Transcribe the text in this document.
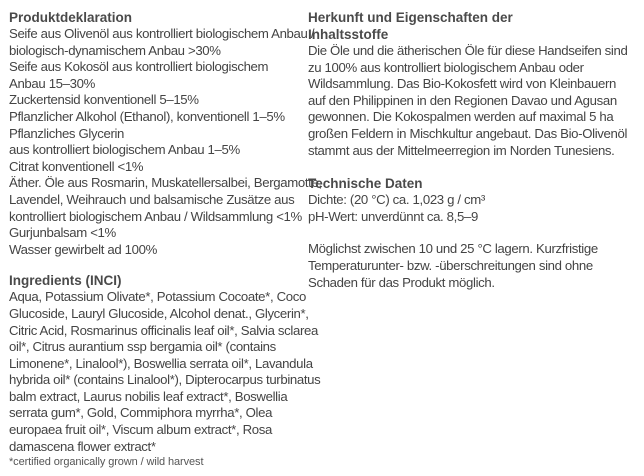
Produktdeklaration
Seife aus Olivenöl aus kontrolliert biologischem Anbau /
biologisch-dynamischem Anbau >30%
Seife aus Kokosöl aus kontrolliert biologischem
Anbau 15–30%
Zuckertensid konventionell 5–15%
Pflanzlicher Alkohol (Ethanol), konventionell 1–5%
Pflanzliches Glycerin
aus kontrolliert biologischem Anbau 1–5%
Citrat konventionell <1%
Äther. Öle aus Rosmarin, Muskatellersalbei, Bergamotte,
Lavendel, Weihrauch und balsamische Zusätze aus
kontrolliert biologischem Anbau / Wildsammlung <1%
Gurjunbalsam <1%
Wasser gewirbelt ad 100%
Ingredients (INCI)
Aqua, Potassium Olivate*, Potassium Cocoate*, Coco
Glucoside, Lauryl Glucoside, Alcohol denat., Glycerin*,
Citric Acid, Rosmarinus officinalis leaf oil*, Salvia sclarea
oil*, Citrus aurantium ssp bergamia oil* (contains
Limonene*, Linalool*), Boswellia serrata oil*, Lavandula
hybrida oil* (contains Linalool*), Dipterocarpus turbinatus
balm extract, Laurus nobilis leaf extract*, Boswellia
serrata gum*, Gold, Commiphora myrrha*, Olea
europaea fruit oil*, Viscum album extract*, Rosa
damascena flower extract*
*certified organically grown / wild harvest
Herkunft und Eigenschaften der
Inhaltsstoffe
Die Öle und die ätherischen Öle für diese Handseifen sind
zu 100% aus kontrolliert biologischem Anbau oder
Wildsammlung. Das Bio-Kokosfett wird von Kleinbauern
auf den Philippinen in den Regionen Davao und Agusan
gewonnen. Die Kokospalmen werden auf maximal 5 ha
großen Feldern in Mischkultur angebaut. Das Bio-Olivenöl
stammt aus der Mittelmeerregion im Norden Tunesiens.
Technische Daten
Dichte: (20 °C) ca. 1,023 g / cm³
pH-Wert: unverdünnt ca. 8,5–9
Möglichst zwischen 10 und 25 °C lagern. Kurzfristige
Temperaturunter- bzw. -überschreitungen sind ohne
Schaden für das Produkt möglich.
